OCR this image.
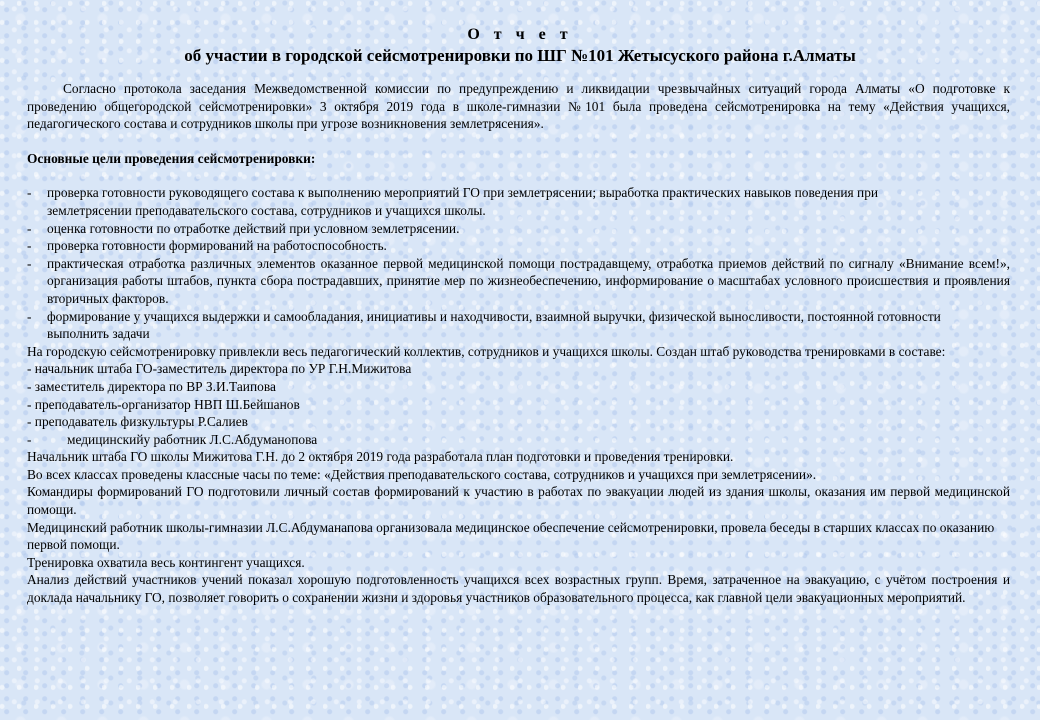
О т ч е т
об участии в городской сейсмотренировки по ШГ №101 Жетысуского района г.Алматы

Согласно протокола заседания Межведомственной комиссии по предупреждению и ликвидации чрезвычайных ситуаций города Алматы «О подготовке к проведению общегородской сейсмотренировки» 3 октября 2019 года в школе-гимназии №101 была проведена сейсмотренировка на тему «Действия учащихся, педагогического состава и сотрудников школы при угрозе возникновения землетрясения».

Основные цели проведения сейсмотренировки:

-	проверка готовности руководящего состава к выполнению мероприятий ГО при землетрясении; выработка практических навыков поведения при землетрясении преподавательского состава, сотрудников и учащихся школы.
-	оценка готовности по отработке действий при условном землетрясении.
-	проверка готовности формирований на работоспособность.
-	практическая отработка различных элементов оказанное первой медицинской помощи пострадавщему, отработка приемов действий по сигналу «Внимание всем!», организация работы штабов, пункта сбора пострадавших, принятие мер по жизнеобеспечению, информирование о масштабах условного происшествия и проявления вторичных факторов.
-	формирование у учащихся выдержки и самообладания, инициативы и находчивости, взаимной выручки, физической выносливости, постоянной готовности выполнить задачи

На городскую сейсмотренировку привлекли весь педагогический коллектив, сотрудников и учащихся школы. Создан штаб руководства тренировками в составе:

- начальник штаба ГО-заместитель директора по УР Г.Н.Мижитова

- заместитель директора по ВР З.И.Таипова

- преподаватель-организатор НВП Ш.Бейшанов

- преподаватель физкультуры Р.Салиев

-	медицинскийу работник Л.С.Абдуманопова

Начальник штаба ГО школы Мижитова Г.Н. до 2 октября 2019 года разработала план подготовки и проведения тренировки.

Во всех классах проведены классные часы по теме: «Действия преподавательского состава, сотрудников и учащихся при землетрясении».

Командиры формирований ГО подготовили личный состав формирований к участию в работах по эвакуации людей из здания школы, оказания им первой медицинской помощи.

Медицинский работник школы-гимназии Л.С.Абдуманапова организовала медицинское обеспечение сейсмотренировки, провела беседы в старших классах по оказанию первой помощи.

Тренировка охватила весь контингент учащихся.

Анализ действий участников учений показал хорошую подготовленность учащихся всех возрастных групп. Время, затраченное на эвакуацию, с учётом построения и доклада начальнику ГО, позволяет говорить о сохранении жизни и здоровья участников образовательного процесса, как главной цели эвакуационных мероприятий.
